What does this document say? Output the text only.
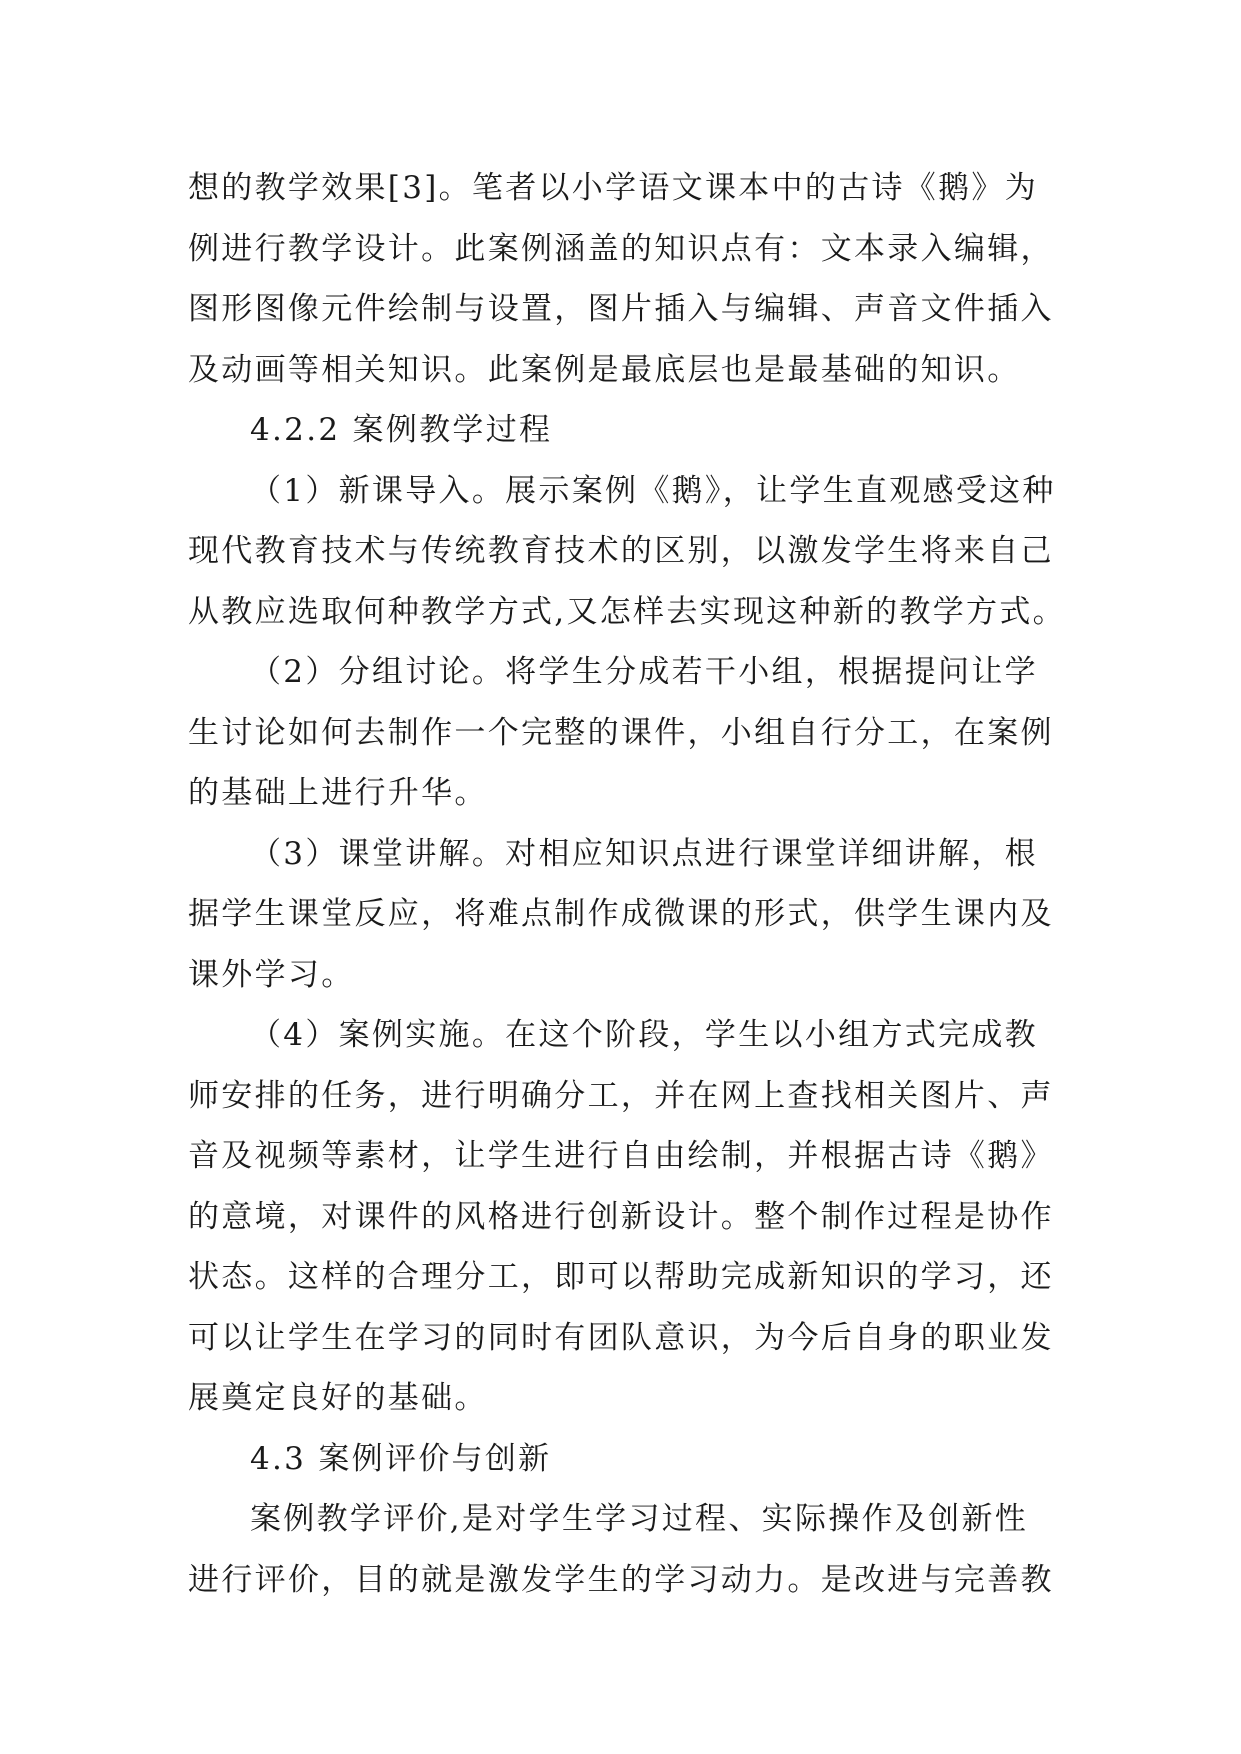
想的教学效果[3]。笔者以小学语文课本中的古诗《鹅》为
例进行教学设计。此案例涵盖的知识点有：文本录入编辑，
图形图像元件绘制与设置，图片插入与编辑、声音文件插入
及动画等相关知识。此案例是最底层也是最基础的知识。
4.2.2 案例教学过程
（1）新课导入。展示案例《鹅》，让学生直观感受这种
现代教育技术与传统教育技术的区别，以激发学生将来自己
从教应选取何种教学方式,又怎样去实现这种新的教学方式。
（2）分组讨论。将学生分成若干小组，根据提问让学
生讨论如何去制作一个完整的课件，小组自行分工，在案例
的基础上进行升华。
（3）课堂讲解。对相应知识点进行课堂详细讲解，根
据学生课堂反应，将难点制作成微课的形式，供学生课内及
课外学习。
（4）案例实施。在这个阶段，学生以小组方式完成教
师安排的任务，进行明确分工，并在网上查找相关图片、声
音及视频等素材，让学生进行自由绘制，并根据古诗《鹅》
的意境，对课件的风格进行创新设计。整个制作过程是协作
状态。这样的合理分工，即可以帮助完成新知识的学习，还
可以让学生在学习的同时有团队意识，为今后自身的职业发
展奠定良好的基础。
4.3 案例评价与创新
案例教学评价,是对学生学习过程、实际操作及创新性
进行评价，目的就是激发学生的学习动力。是改进与完善教
